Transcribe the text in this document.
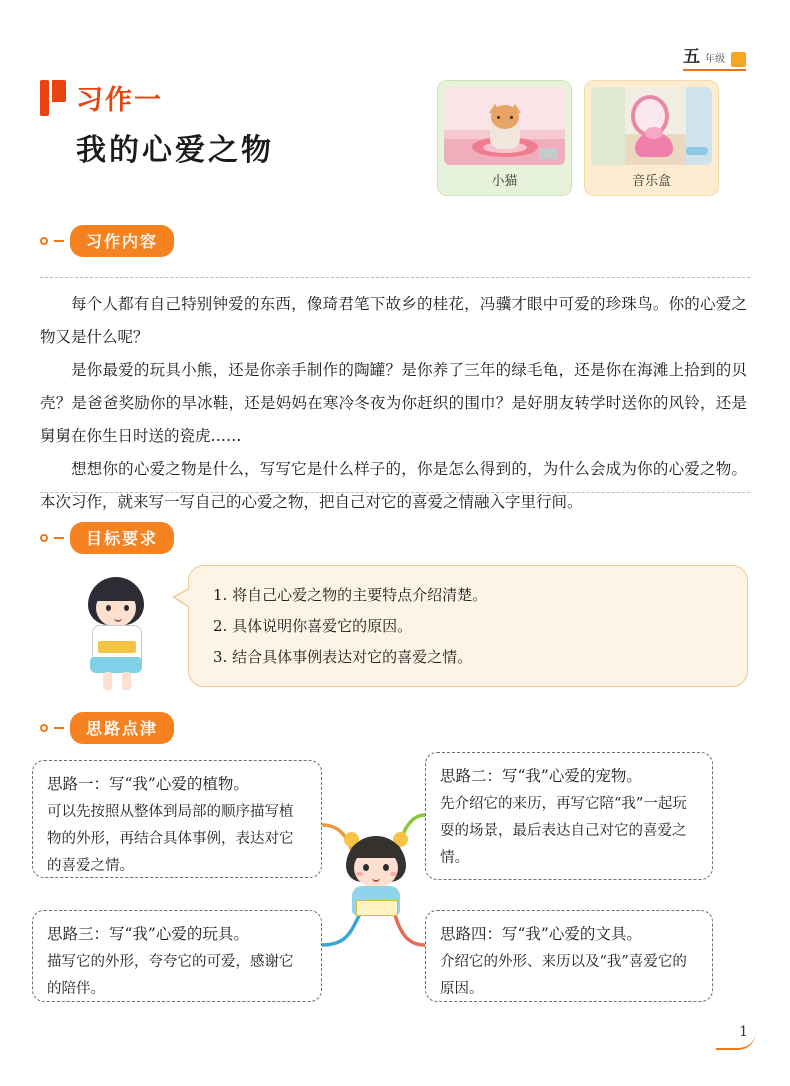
五 年级
习作一
我的心爱之物
小猫	音乐盒
习作内容

每个人都有自己特别钟爱的东西，像琦君笔下故乡的桂花，冯骥才眼中可爱的珍珠鸟。你的心爱之物又是什么呢？

是你最爱的玩具小熊，还是你亲手制作的陶罐？是你养了三年的绿毛龟，还是你在海滩上拾到的贝壳？是爸爸奖励你的旱冰鞋，还是妈妈在寒冷冬夜为你赶织的围巾？是好朋友转学时送你的风铃，还是舅舅在你生日时送的瓷虎……

想想你的心爱之物是什么，写写它是什么样子的，你是怎么得到的，为什么会成为你的心爱之物。本次习作，就来写一写自己的心爱之物，把自己对它的喜爱之情融入字里行间。

目标要求
1. 将自己心爱之物的主要特点介绍清楚。
2. 具体说明你喜爱它的原因。
3. 结合具体事例表达对它的喜爱之情。
思路点津
思路一：写“我”心爱的植物。
可以先按照从整体到局部的顺序描写植物的外形，再结合具体事例，表达对它的喜爱之情。
思路二：写“我”心爱的宠物。
先介绍它的来历，再写它陪“我”一起玩耍的场景，最后表达自己对它的喜爱之情。
思路三：写“我”心爱的玩具。
描写它的外形，夸夸它的可爱，感谢它的陪伴。
思路四：写“我”心爱的文具。
介绍它的外形、来历以及“我”喜爱它的原因。
1
